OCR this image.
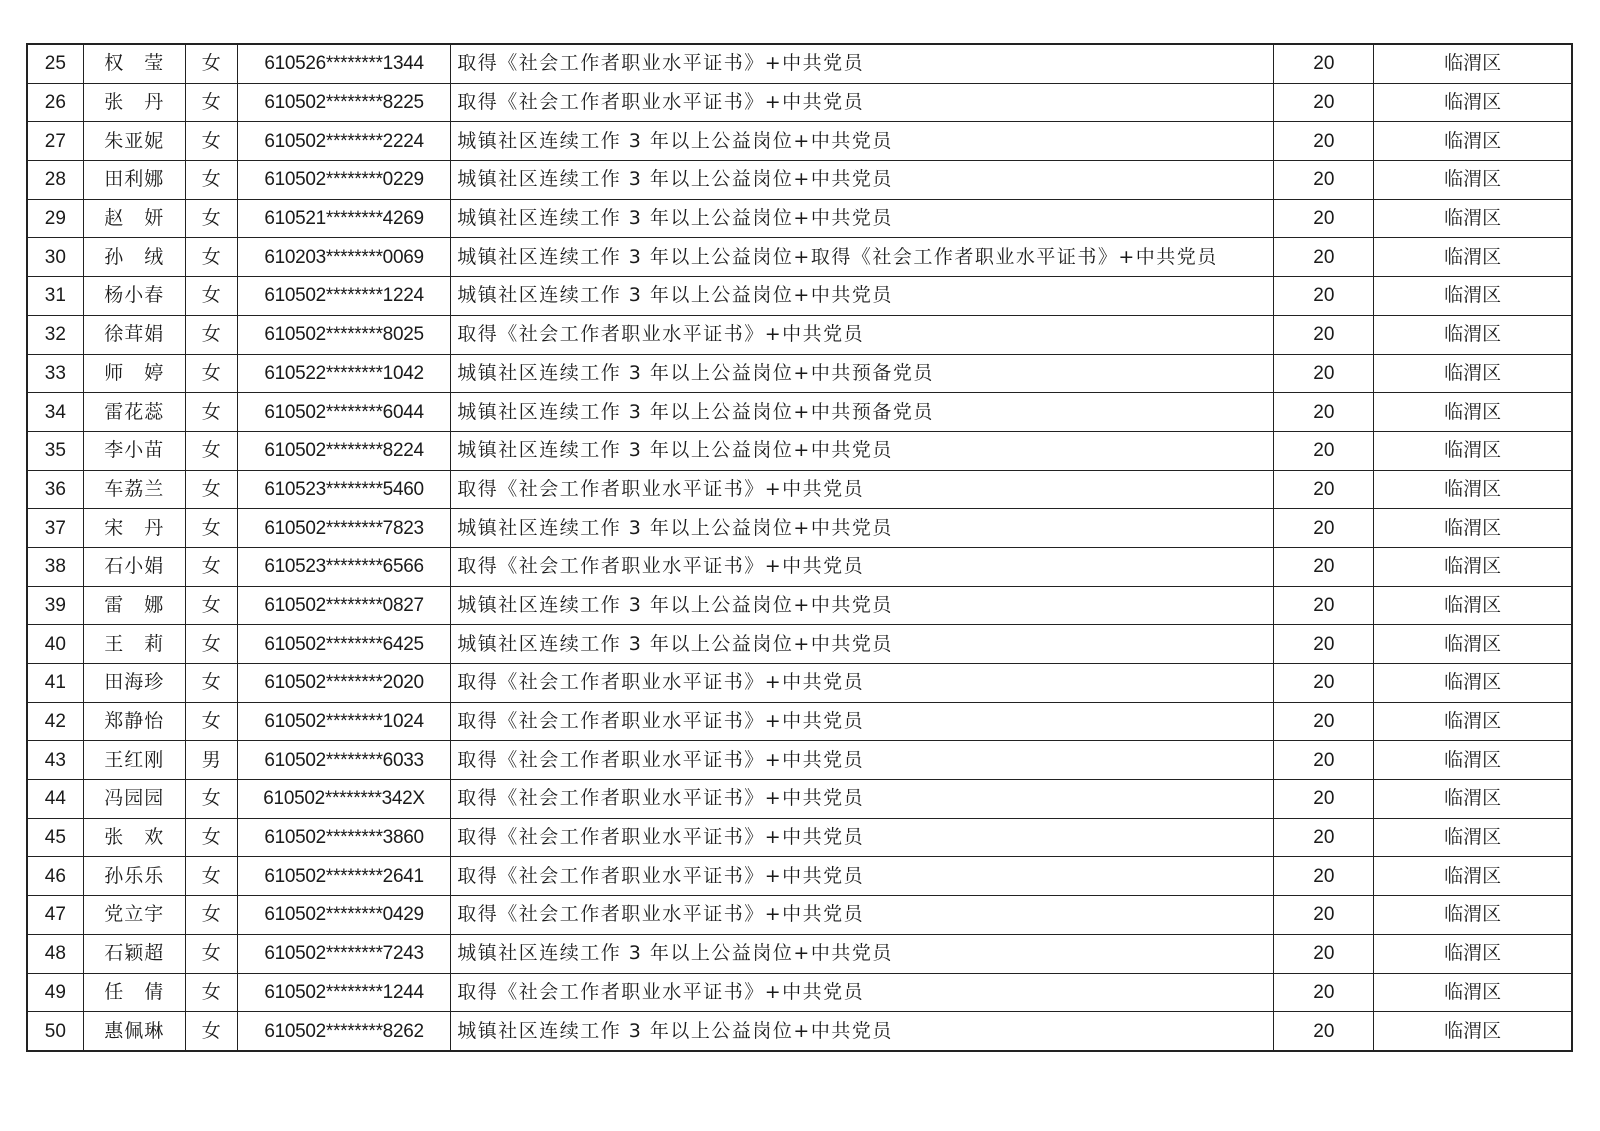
25	权　莹	女	610526********1344	取得《社会工作者职业水平证书》+中共党员	20	临渭区
26	张　丹	女	610502********8225	取得《社会工作者职业水平证书》+中共党员	20	临渭区
27	朱亚妮	女	610502********2224	城镇社区连续工作 3 年以上公益岗位+中共党员	20	临渭区
28	田利娜	女	610502********0229	城镇社区连续工作 3 年以上公益岗位+中共党员	20	临渭区
29	赵　妍	女	610521********4269	城镇社区连续工作 3 年以上公益岗位+中共党员	20	临渭区
30	孙　绒	女	610203********0069	城镇社区连续工作 3 年以上公益岗位+取得《社会工作者职业水平证书》+中共党员	20	临渭区
31	杨小春	女	610502********1224	城镇社区连续工作 3 年以上公益岗位+中共党员	20	临渭区
32	徐茸娟	女	610502********8025	取得《社会工作者职业水平证书》+中共党员	20	临渭区
33	师　婷	女	610522********1042	城镇社区连续工作 3 年以上公益岗位+中共预备党员	20	临渭区
34	雷花蕊	女	610502********6044	城镇社区连续工作 3 年以上公益岗位+中共预备党员	20	临渭区
35	李小苗	女	610502********8224	城镇社区连续工作 3 年以上公益岗位+中共党员	20	临渭区
36	车荔兰	女	610523********5460	取得《社会工作者职业水平证书》+中共党员	20	临渭区
37	宋　丹	女	610502********7823	城镇社区连续工作 3 年以上公益岗位+中共党员	20	临渭区
38	石小娟	女	610523********6566	取得《社会工作者职业水平证书》+中共党员	20	临渭区
39	雷　娜	女	610502********0827	城镇社区连续工作 3 年以上公益岗位+中共党员	20	临渭区
40	王　莉	女	610502********6425	城镇社区连续工作 3 年以上公益岗位+中共党员	20	临渭区
41	田海珍	女	610502********2020	取得《社会工作者职业水平证书》+中共党员	20	临渭区
42	郑静怡	女	610502********1024	取得《社会工作者职业水平证书》+中共党员	20	临渭区
43	王红刚	男	610502********6033	取得《社会工作者职业水平证书》+中共党员	20	临渭区
44	冯园园	女	610502********342X	取得《社会工作者职业水平证书》+中共党员	20	临渭区
45	张　欢	女	610502********3860	取得《社会工作者职业水平证书》+中共党员	20	临渭区
46	孙乐乐	女	610502********2641	取得《社会工作者职业水平证书》+中共党员	20	临渭区
47	党立宇	女	610502********0429	取得《社会工作者职业水平证书》+中共党员	20	临渭区
48	石颖超	女	610502********7243	城镇社区连续工作 3 年以上公益岗位+中共党员	20	临渭区
49	任　倩	女	610502********1244	取得《社会工作者职业水平证书》+中共党员	20	临渭区
50	惠佩琳	女	610502********8262	城镇社区连续工作 3 年以上公益岗位+中共党员	20	临渭区
